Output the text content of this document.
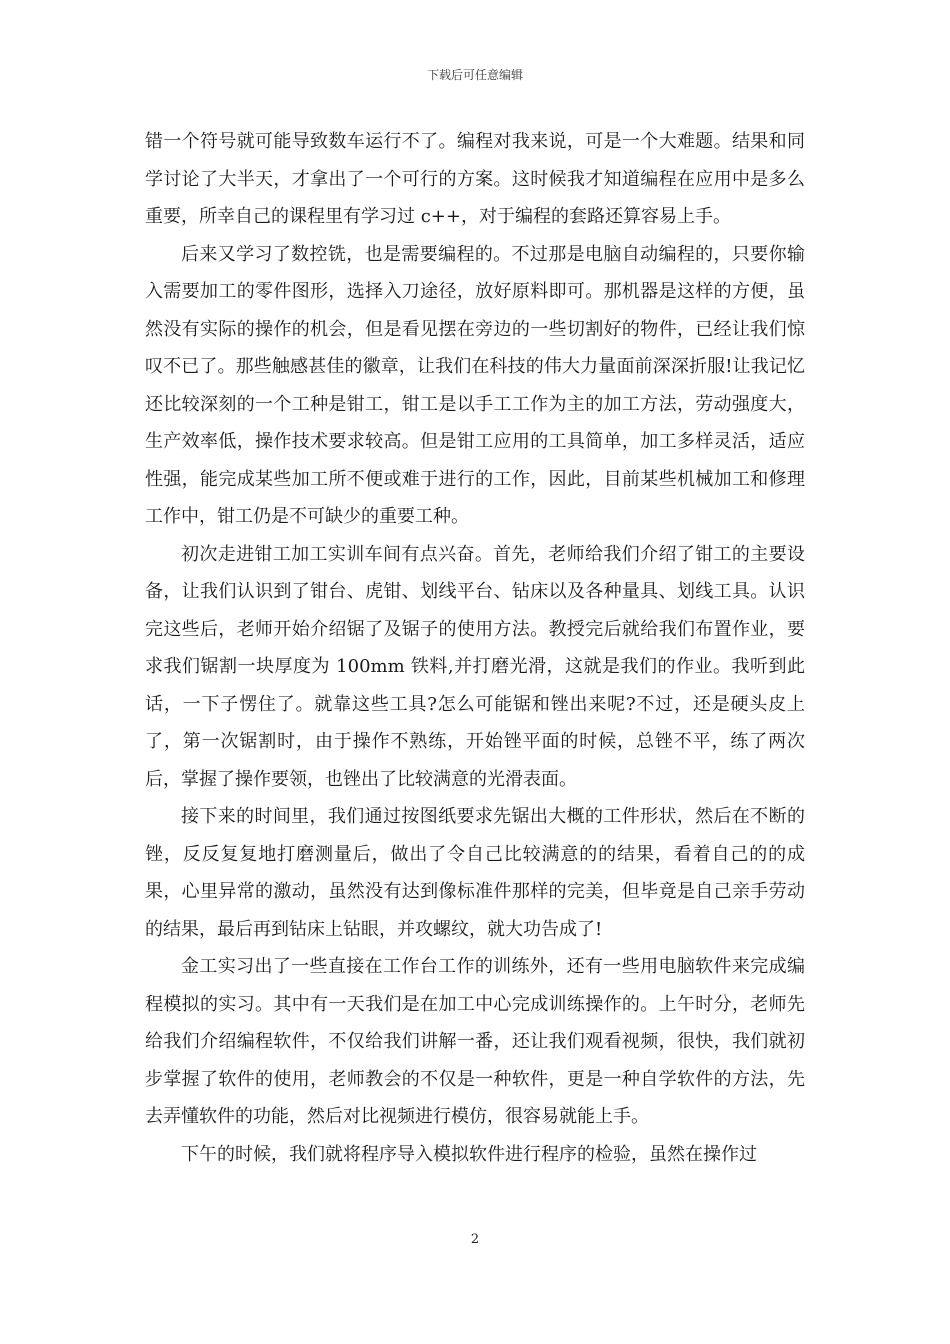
下载后可任意编辑

错一个符号就可能导致数车运行不了。编程对我来说，可是一个大难题。结果和同学讨论了大半天，才拿出了一个可行的方案。这时候我才知道编程在应用中是多么重要，所幸自己的课程里有学习过 c++，对于编程的套路还算容易上手。

后来又学习了数控铣，也是需要编程的。不过那是电脑自动编程的，只要你输入需要加工的零件图形，选择入刀途径，放好原料即可。那机器是这样的方便，虽然没有实际的操作的机会，但是看见摆在旁边的一些切割好的物件，已经让我们惊叹不已了。那些触感甚佳的徽章，让我们在科技的伟大力量面前深深折服!让我记忆还比较深刻的一个工种是钳工，钳工是以手工工作为主的加工方法，劳动强度大，生产效率低，操作技术要求较高。但是钳工应用的工具简单，加工多样灵活，适应性强，能完成某些加工所不便或难于进行的工作，因此，目前某些机械加工和修理工作中，钳工仍是不可缺少的重要工种。

初次走进钳工加工实训车间有点兴奋。首先，老师给我们介绍了钳工的主要设备，让我们认识到了钳台、虎钳、划线平台、钻床以及各种量具、划线工具。认识完这些后，老师开始介绍锯了及锯子的使用方法。教授完后就给我们布置作业，要求我们锯割一块厚度为 100mm 铁料,并打磨光滑，这就是我们的作业。我听到此话，一下子愣住了。就靠这些工具?怎么可能锯和锉出来呢?不过，还是硬头皮上了，第一次锯割时，由于操作不熟练，开始锉平面的时候，总锉不平，练了两次后，掌握了操作要领，也锉出了比较满意的光滑表面。

接下来的时间里，我们通过按图纸要求先锯出大概的工件形状，然后在不断的锉，反反复复地打磨测量后，做出了令自己比较满意的的结果，看着自己的的成果，心里异常的激动，虽然没有达到像标准件那样的完美，但毕竟是自己亲手劳动的结果，最后再到钻床上钻眼，并攻螺纹，就大功告成了!

金工实习出了一些直接在工作台工作的训练外，还有一些用电脑软件来完成编程模拟的实习。其中有一天我们是在加工中心完成训练操作的。上午时分，老师先给我们介绍编程软件，不仅给我们讲解一番，还让我们观看视频，很快，我们就初步掌握了软件的使用，老师教会的不仅是一种软件，更是一种自学软件的方法，先去弄懂软件的功能，然后对比视频进行模仿，很容易就能上手。

下午的时候，我们就将程序导入模拟软件进行程序的检验，虽然在操作过

2
